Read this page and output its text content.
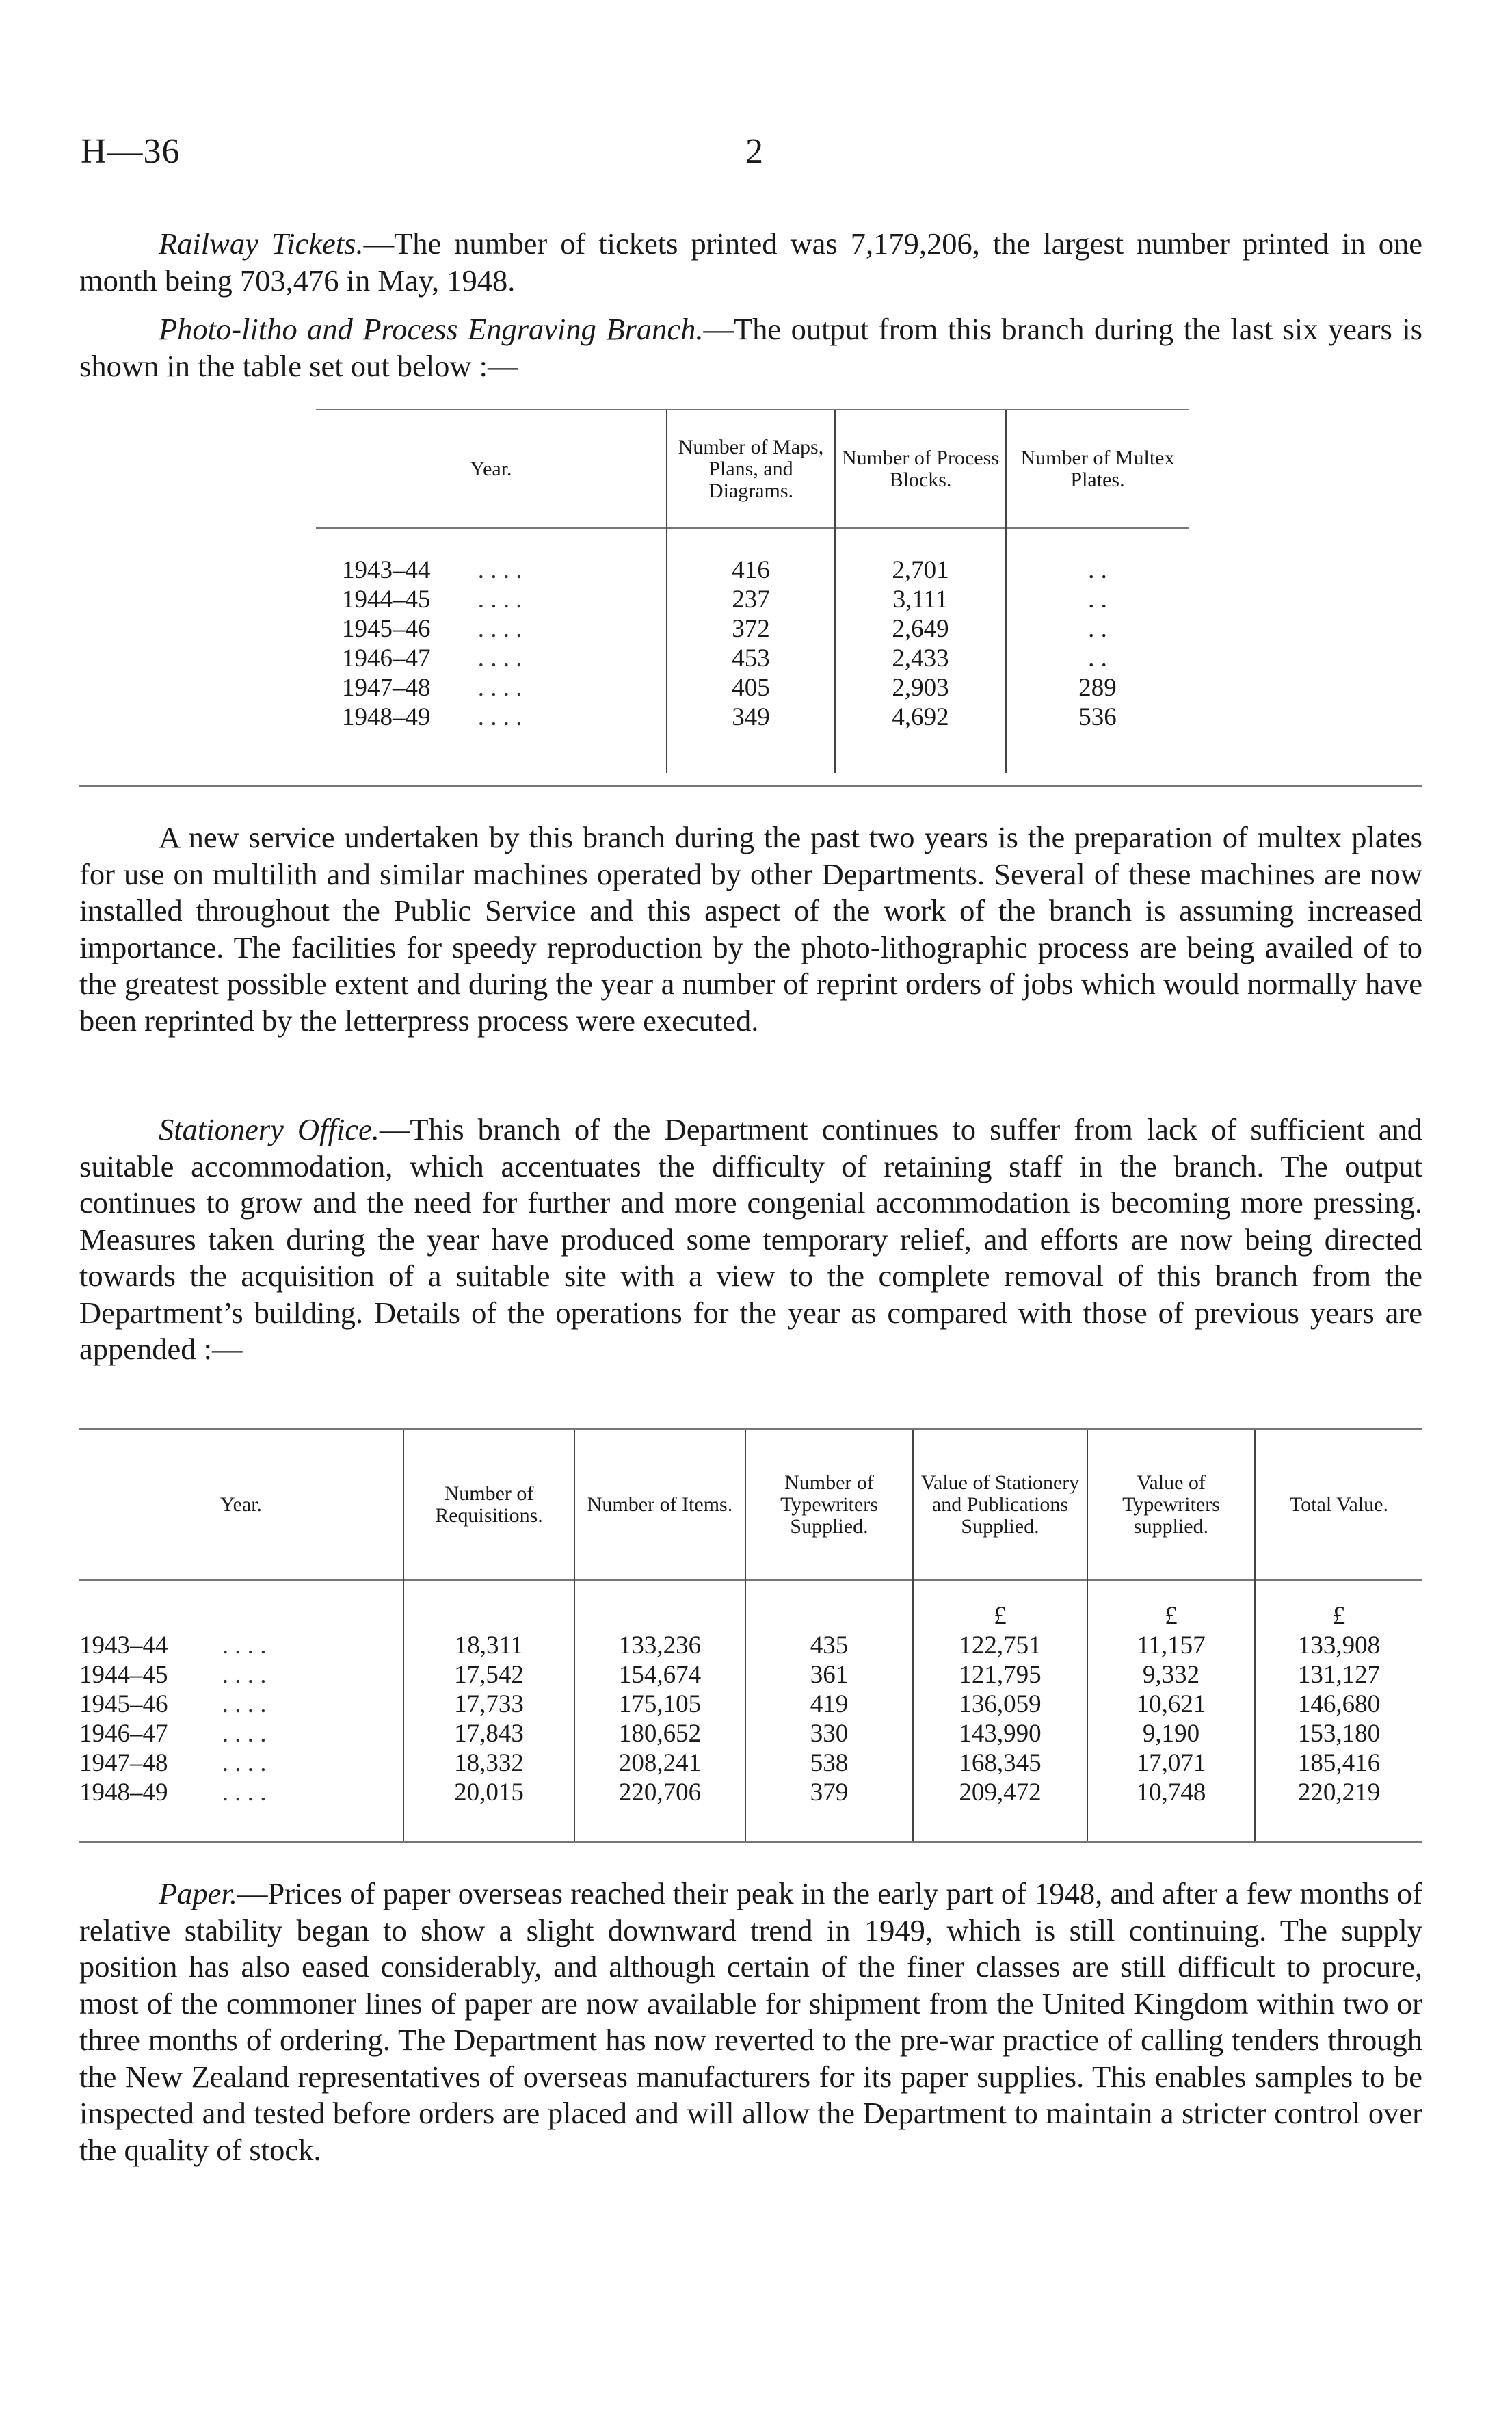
H—36	2
Railway Tickets.—The number of tickets printed was 7,179,206, the largest number printed in one month being 703,476 in May, 1948.
Photo-litho and Process Engraving Branch.—The output from this branch during the last six years is shown in the table set out below :—
Year.	Number of Maps, Plans, and Diagrams.	Number of Process Blocks.	Number of Multex Plates.

1943–44 . . . .	416	2,701	. .
1944–45 . . . .	237	3,111	. .
1945–46 . . . .	372	2,649	. .
1946–47 . . . .	453	2,433	. .
1947–48 . . . .	405	2,903	289
1948–49 . . . .	349	4,692	536

A new service undertaken by this branch during the past two years is the preparation of multex plates for use on multilith and similar machines operated by other Departments. Several of these machines are now installed throughout the Public Service and this aspect of the work of the branch is assuming increased importance. The facilities for speedy reproduction by the photo-lithographic process are being availed of to the greatest possible extent and during the year a number of reprint orders of jobs which would normally have been reprinted by the letterpress process were executed.
Stationery Office.—This branch of the Department continues to suffer from lack of sufficient and suitable accommodation, which accentuates the difficulty of retaining staff in the branch. The output continues to grow and the need for further and more congenial accommodation is becoming more pressing. Measures taken during the year have produced some temporary relief, and efforts are now being directed towards the acquisition of a suitable site with a view to the complete removal of this branch from the Department’s building. Details of the operations for the year as compared with those of previous years are appended :—
Year.	Number of Requisitions.	Number of Items.	Number of Typewriters Supplied.	Value of Stationery and Publications Supplied.	Value of Typewriters supplied.	Total Value.
				£	£	£
1943–44 . . . .	18,311	133,236	435	122,751	11,157	133,908
1944–45 . . . .	17,542	154,674	361	121,795	9,332	131,127
1945–46 . . . .	17,733	175,105	419	136,059	10,621	146,680
1946–47 . . . .	17,843	180,652	330	143,990	9,190	153,180
1947–48 . . . .	18,332	208,241	538	168,345	17,071	185,416
1948–49 . . . .	20,015	220,706	379	209,472	10,748	220,219

Paper.—Prices of paper overseas reached their peak in the early part of 1948, and after a few months of relative stability began to show a slight downward trend in 1949, which is still continuing. The supply position has also eased considerably, and although certain of the finer classes are still difficult to procure, most of the commoner lines of paper are now available for shipment from the United Kingdom within two or three months of ordering. The Department has now reverted to the pre-war practice of calling tenders through the New Zealand representatives of overseas manufacturers for its paper supplies. This enables samples to be inspected and tested before orders are placed and will allow the Department to maintain a stricter control over the quality of stock.
